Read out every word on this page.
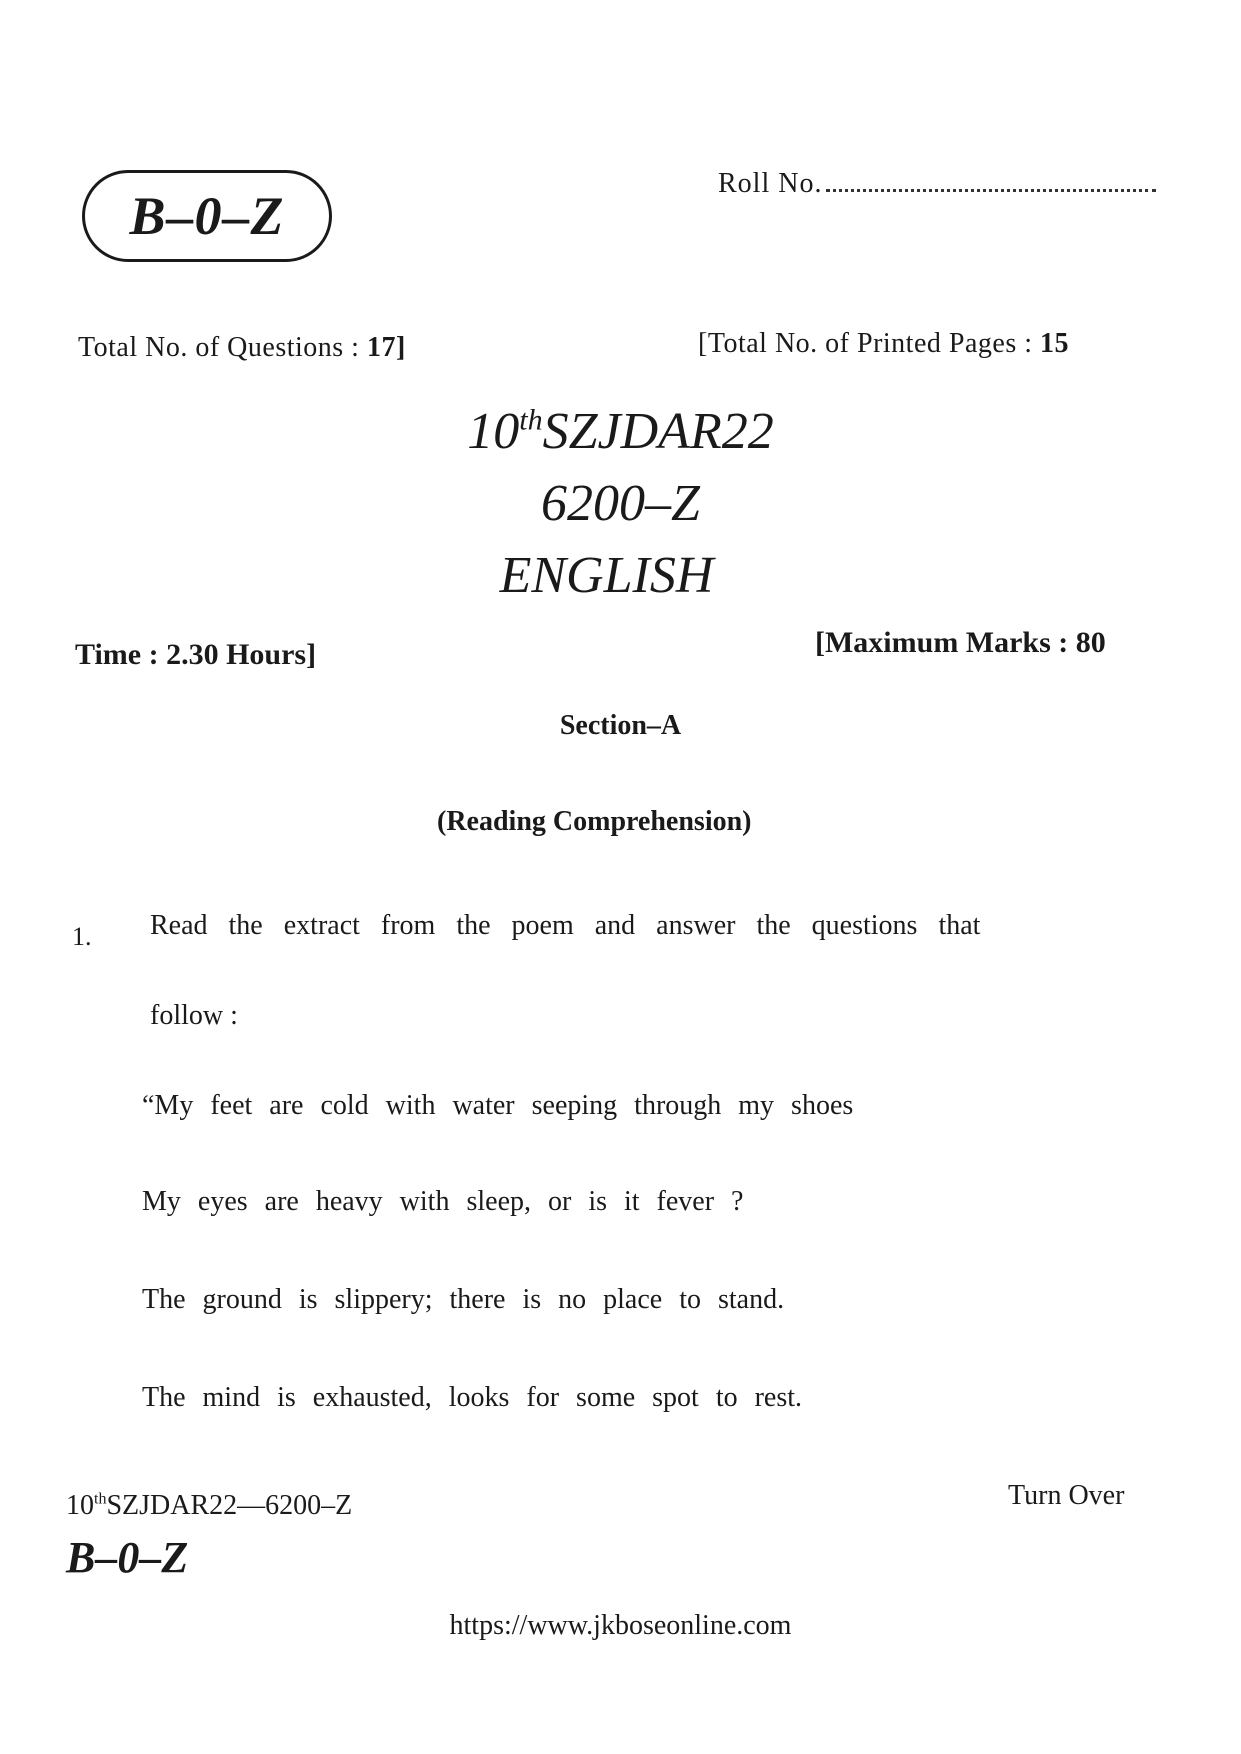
B–0–Z
Roll No.
Total No. of Questions : 17]	[Total No. of Printed Pages : 15
10thSZJDAR22
6200–Z
ENGLISH
Time : 2.30 Hours]	[Maximum Marks : 80
Section–A
(Reading Comprehension)
1. Read the extract from the poem and answer the questions that
follow :
“My feet are cold with water seeping through my shoes
My eyes are heavy with sleep, or is it fever ?
The ground is slippery; there is no place to stand.
The mind is exhausted, looks for some spot to rest.
10thSZJDAR22—6200–Z
B–0–Z
Turn Over
https://www.jkboseonline.com
